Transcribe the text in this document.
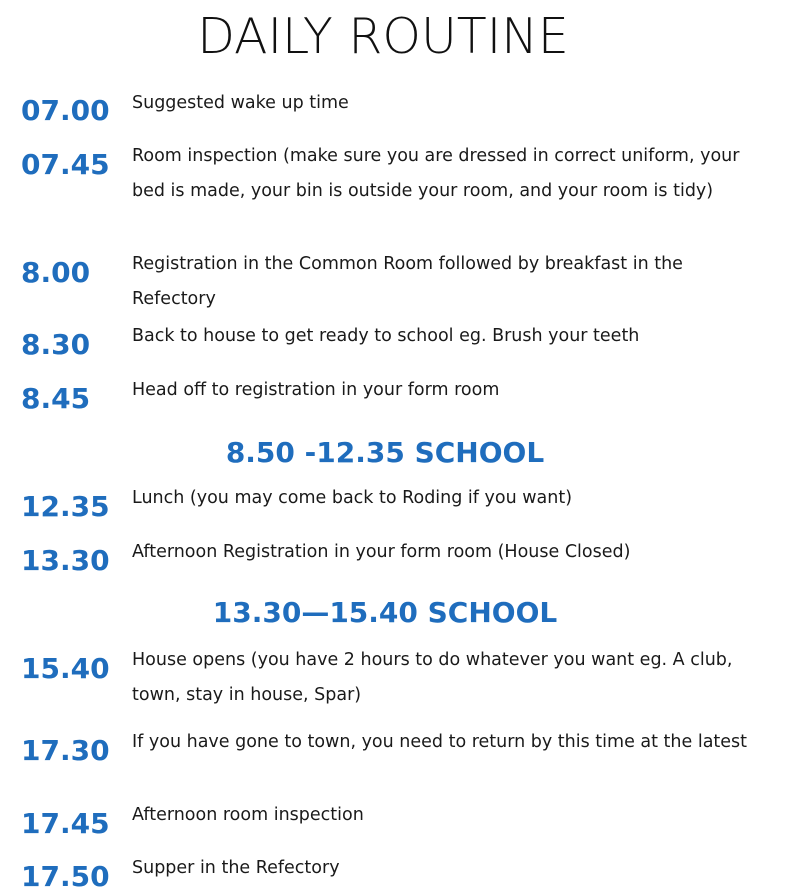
DAILY ROUTINE
07.00 Suggested wake up time
07.45 Room inspection (make sure you are dressed in correct uniform, your bed is made, your bin is outside your room, and your room is tidy)
8.00 Registration in the Common Room followed by breakfast in the Refectory
8.30 Back to house to get ready to school eg. Brush your teeth
8.45 Head off to registration in your form room
8.50 -12.35 SCHOOL
12.35 Lunch (you may come back to Roding if you want)
13.30 Afternoon Registration in your form room (House Closed)
13.30—15.40 SCHOOL
15.40 House opens (you have 2 hours to do whatever you want eg. A club, town, stay in house, Spar)
17.30 If you have gone to town, you need to return by this time at the latest
17.45 Afternoon room inspection
17.50 Supper in the Refectory
